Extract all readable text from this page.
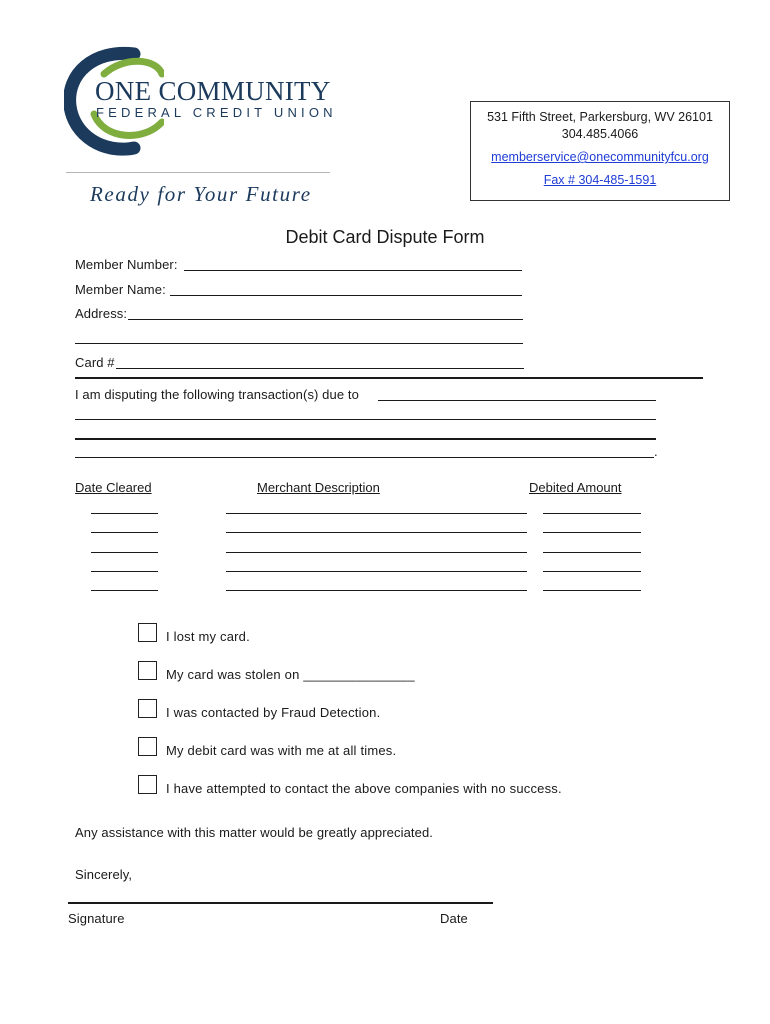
ONE COMMUNITY
FEDERAL CREDIT UNION
Ready for Your Future
531 Fifth Street, Parkersburg, WV 26101
304.485.4066
memberservice@onecommunityfcu.org
Fax # 304-485-1591
Debit Card Dispute Form
Member Number:
Member Name:
Address:
Card #
I am disputing the following transaction(s) due to
.
Date Cleared	Merchant Description	Debited Amount
I lost my card.
My card was stolen on _______________
I was contacted by Fraud Detection.
My debit card was with me at all times.
I have attempted to contact the above companies with no success.
Any assistance with this matter would be greatly appreciated.
Sincerely,
Signature	Date
